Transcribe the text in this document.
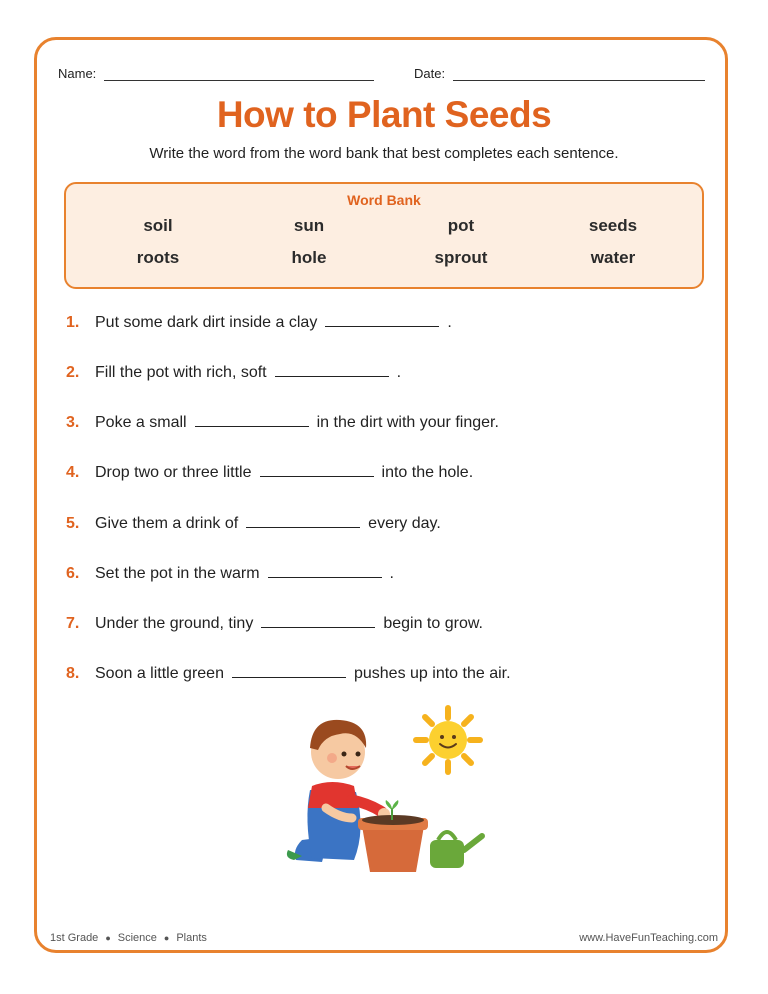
Name:	Date:
How to Plant Seeds
Write the word from the word bank that best completes each sentence.
Word Bank
soil	sun	pot	seeds
roots	hole	sprout	water
1. Put some dark dirt inside a clay	.
2. Fill the pot with rich, soft	.
3. Poke a small	in the dirt with your finger.
4. Drop two or three little	into the hole.
5. Give them a drink of	every day.
6. Set the pot in the warm	.
7. Under the ground, tiny	begin to grow.
8. Soon a little green	pushes up into the air.
1st Grade ● Science ● Plants	www.HaveFunTeaching.com
